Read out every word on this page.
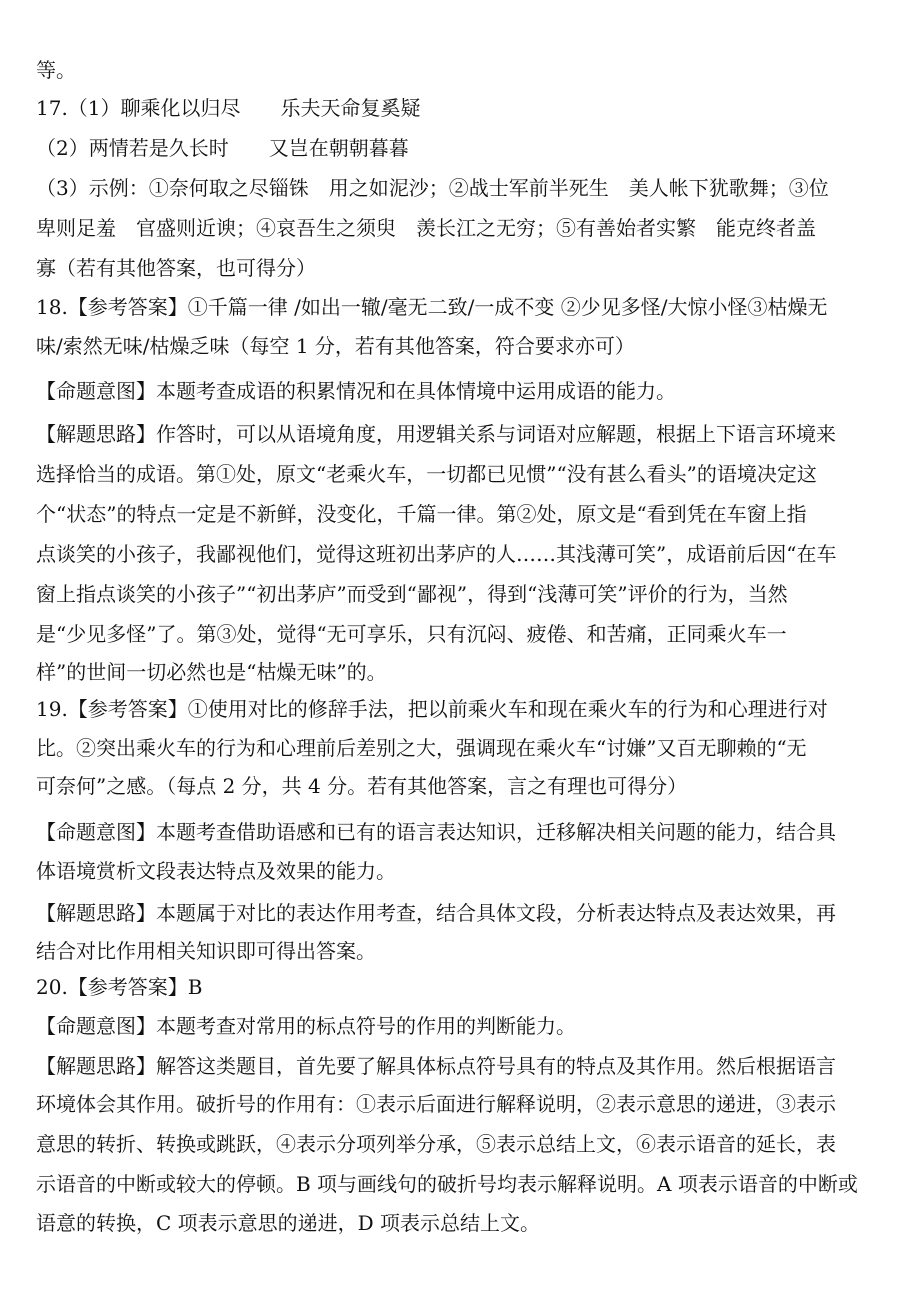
等。
17.（1）聊乘化以归尽　　乐夫天命复奚疑
（2）两情若是久长时　　又岂在朝朝暮暮
（3）示例：①奈何取之尽锱铢　用之如泥沙；②战士军前半死生　美人帐下犹歌舞；③位
卑则足羞　官盛则近谀；④哀吾生之须臾　羡长江之无穷；⑤有善始者实繁　能克终者盖
寡（若有其他答案，也可得分）
18.【参考答案】①千篇一律 /如出一辙/毫无二致/一成不变 ②少见多怪/大惊小怪③枯燥无
味/索然无味/枯燥乏味（每空 1 分，若有其他答案，符合要求亦可）
【命题意图】本题考查成语的积累情况和在具体情境中运用成语的能力。
【解题思路】作答时，可以从语境角度，用逻辑关系与词语对应解题，根据上下语言环境来
选择恰当的成语。第①处，原文“老乘火车，一切都已见惯”“没有甚么看头”的语境决定这
个“状态”的特点一定是不新鲜，没变化，千篇一律。第②处，原文是“看到凭在车窗上指
点谈笑的小孩子，我鄙视他们，觉得这班初出茅庐的人……其浅薄可笑”，成语前后因“在车
窗上指点谈笑的小孩子”“初出茅庐”而受到“鄙视”，得到“浅薄可笑”评价的行为，当然
是“少见多怪”了。第③处，觉得“无可享乐，只有沉闷、疲倦、和苦痛，正同乘火车一
样”的世间一切必然也是“枯燥无味”的。
19.【参考答案】①使用对比的修辞手法，把以前乘火车和现在乘火车的行为和心理进行对
比。②突出乘火车的行为和心理前后差别之大，强调现在乘火车“讨嫌”又百无聊赖的“无
可奈何”之感。（每点 2 分，共 4 分。若有其他答案，言之有理也可得分）
【命题意图】本题考查借助语感和已有的语言表达知识，迁移解决相关问题的能力，结合具
体语境赏析文段表达特点及效果的能力。
【解题思路】本题属于对比的表达作用考查，结合具体文段，分析表达特点及表达效果，再
结合对比作用相关知识即可得出答案。
20.【参考答案】B
【命题意图】本题考查对常用的标点符号的作用的判断能力。
【解题思路】解答这类题目，首先要了解具体标点符号具有的特点及其作用。然后根据语言
环境体会其作用。破折号的作用有：①表示后面进行解释说明，②表示意思的递进，③表示
意思的转折、转换或跳跃，④表示分项列举分承，⑤表示总结上文，⑥表示语音的延长，表
示语音的中断或较大的停顿。B 项与画线句的破折号均表示解释说明。A 项表示语音的中断或
语意的转换，C 项表示意思的递进，D 项表示总结上文。
